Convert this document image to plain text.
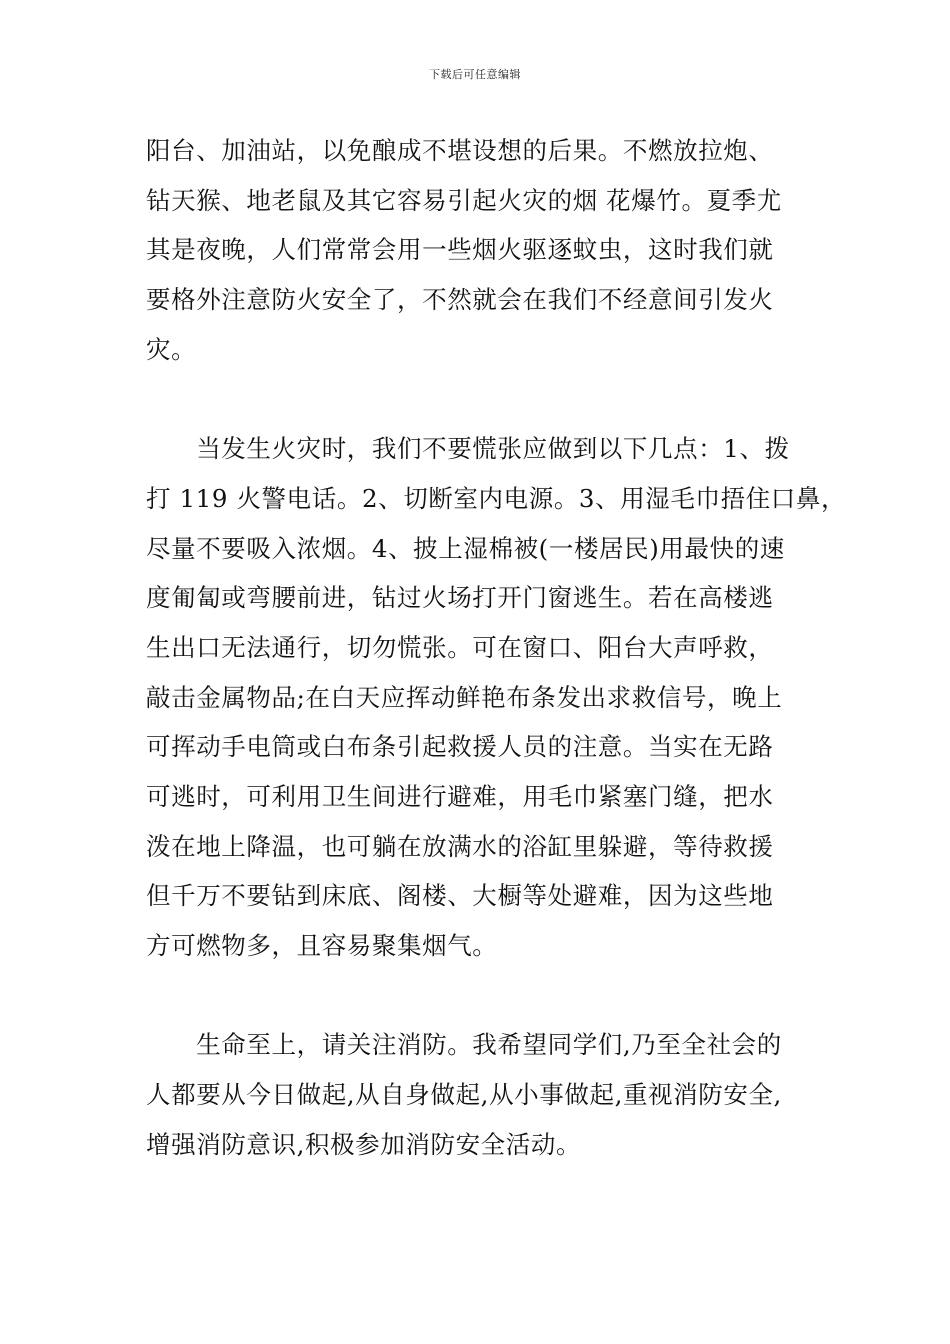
下载后可任意编辑
阳台、加油站，以免酿成不堪设想的后果。不燃放拉炮、
钻天猴、地老鼠及其它容易引起火灾的烟 花爆竹。夏季尤
其是夜晚，人们常常会用一些烟火驱逐蚊虫，这时我们就
要格外注意防火安全了，不然就会在我们不经意间引发火
灾。
　　当发生火灾时，我们不要慌张应做到以下几点：1、拨
打 119 火警电话。2、切断室内电源。3、用湿毛巾捂住口鼻，
尽量不要吸入浓烟。4、披上湿棉被(一楼居民)用最快的速
度匍匐或弯腰前进，钻过火场打开门窗逃生。若在高楼逃
生出口无法通行，切勿慌张。可在窗口、阳台大声呼救，
敲击金属物品;在白天应挥动鲜艳布条发出求救信号，晚上
可挥动手电筒或白布条引起救援人员的注意。当实在无路
可逃时，可利用卫生间进行避难，用毛巾紧塞门缝，把水
泼在地上降温，也可躺在放满水的浴缸里躲避，等待救援
但千万不要钻到床底、阁楼、大橱等处避难，因为这些地
方可燃物多，且容易聚集烟气。
　　生命至上，请关注消防。我希望同学们,乃至全社会的
人都要从今日做起,从自身做起,从小事做起,重视消防安全,
增强消防意识,积极参加消防安全活动。
